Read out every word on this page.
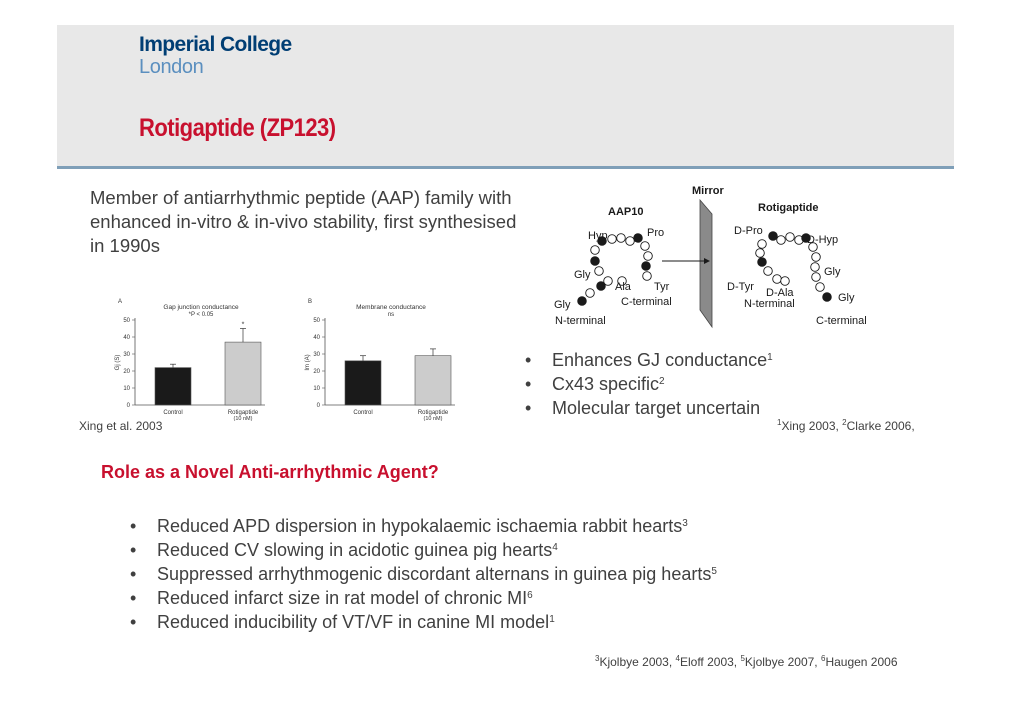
Imperial College
London
Rotigaptide (ZP123)

Member of antiarrhythmic peptide (AAP) family with enhanced in-vitro & in-vivo stability, first synthesised in 1990s

A
Gap junction conductance
*P < 0.05
Gj (S)
0
10
20
30
40
50
Control	Rotigaptide
(10 nM)
*
B
Membrane conductance
ns
Im (A)
0
10
20
30
40
50
Control	Rotigaptide
(10 nM)
Xing et al. 2003
Mirror
AAP10	Rotigaptide
Hyp	Pro
Gly
Ala Tyr
Gly	C-terminal
N-terminal
D-Pro
D-Hyp
Gly
D-Tyr D-Ala
N-terminal	Gly
C-terminal
• Enhances GJ conductance$^1$
• Cx43 specific$^2$
• Molecular target uncertain
$^1$Xing 2003, $^2$Clarke 2006,
Role as a Novel Anti-arrhythmic Agent?
• Reduced APD dispersion in hypokalaemic ischaemia rabbit hearts$^3$
• Reduced CV slowing in acidotic guinea pig hearts$^4$
• Suppressed arrhythmogenic discordant alternans in guinea pig hearts$^5$
• Reduced infarct size in rat model of chronic $MI^6$
• Reduced inducibility of VT/VF in canine MI model$^1$
$^3$Kjolbye 2003, $^4$Eloff 2003, $^5$Kjolbye 2007, $^6$Haugen 2006
